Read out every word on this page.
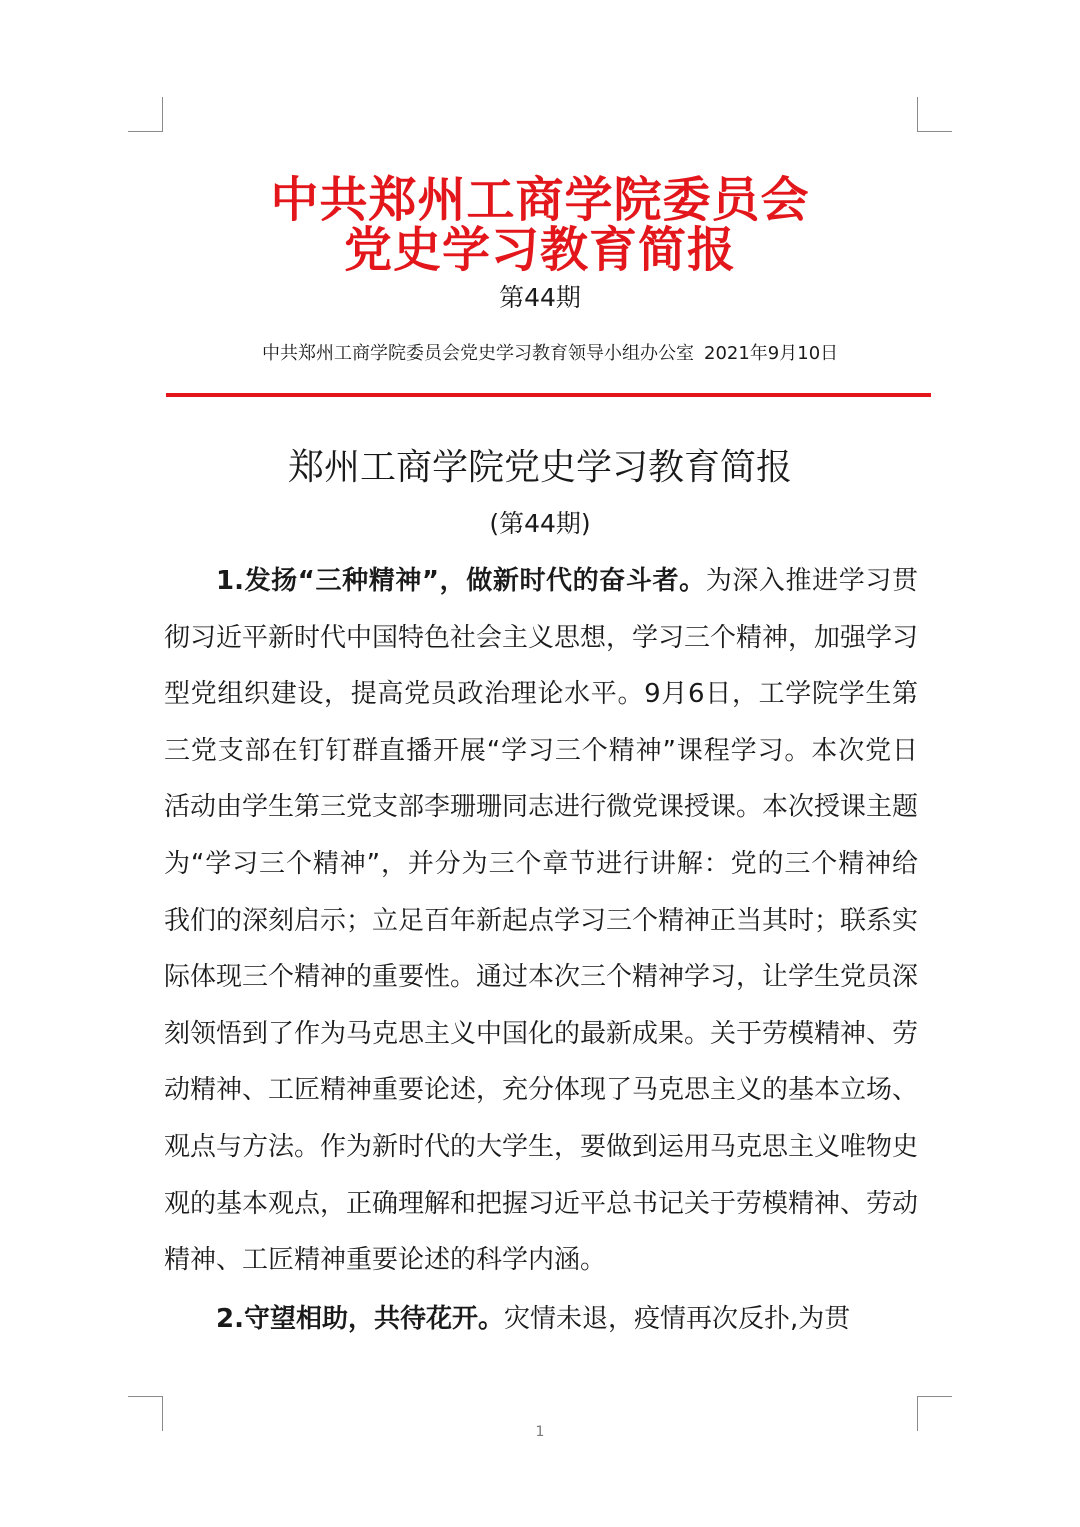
中共郑州工商学院委员会
党史学习教育简报
第44期
中共郑州工商学院委员会党史学习教育领导小组办公室 2021年9月10日
郑州工商学院党史学习教育简报
(第44期)

1.发扬“三种精神”，做新时代的奋斗者。为深入推进学习贯彻习近平新时代中国特色社会主义思想，学习三个精神，加强学习型党组织建设，提高党员政治理论水平。9月6日，工学院学生第三党支部在钉钉群直播开展“学习三个精神”课程学习。本次党日活动由学生第三党支部李珊珊同志进行微党课授课。本次授课主题为“学习三个精神”，并分为三个章节进行讲解：党的三个精神给我们的深刻启示；立足百年新起点学习三个精神正当其时；联系实际体现三个精神的重要性。通过本次三个精神学习，让学生党员深刻领悟到了作为马克思主义中国化的最新成果。关于劳模精神、劳动精神、工匠精神重要论述，充分体现了马克思主义的基本立场、观点与方法。作为新时代的大学生，要做到运用马克思主义唯物史观的基本观点，正确理解和把握习近平总书记关于劳模精神、劳动精神、工匠精神重要论述的科学内涵。

2.守望相助，共待花开。灾情未退，疫情再次反扑,为贯

1
